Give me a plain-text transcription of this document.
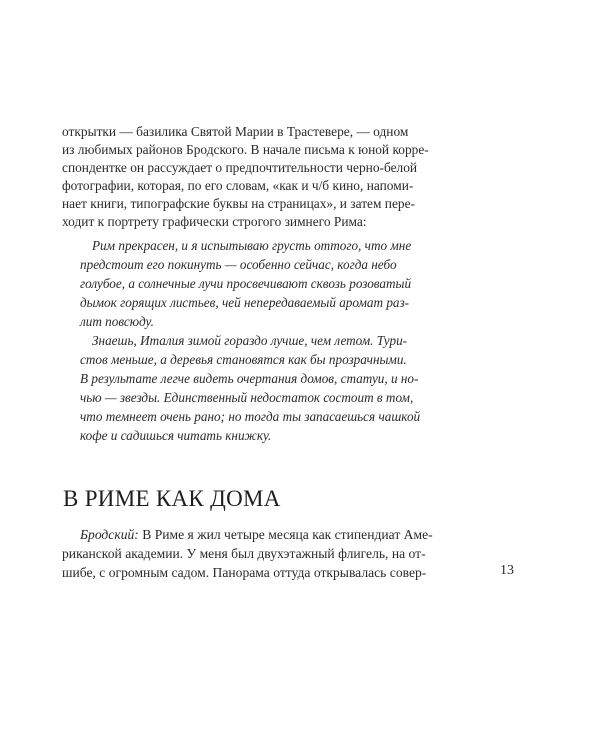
открытки — базилика Святой Марии в Трастевере, — одном
из любимых районов Бродского. В начале письма к юной корре-
спондентке он рассуждает о предпочтительности черно-белой
фотографии, которая, по его словам, «как и ч/б кино, напоми-
нает книги, типографские буквы на страницах», и затем пере-
ходит к портрету графически строгого зимнего Рима:
Рим прекрасен, и я испытываю грусть оттого, что мне
предстоит его покинуть — особенно сейчас, когда небо
голубое, а солнечные лучи просвечивают сквозь розоватый
дымок горящих листьев, чей непередаваемый аромат раз-
лит повсюду.
Знаешь, Италия зимой гораздо лучше, чем летом. Тури-
стов меньше, а деревья становятся как бы прозрачными.
В результате легче видеть очертания домов, статуи, и но-
чью — звезды. Единственный недостаток состоит в том,
что темнеет очень рано; но тогда ты запасаешься чашкой
кофе и садишься читать книжку.
В РИМЕ КАК ДОМА
Бродский: В Риме я жил четыре месяца как стипендиат Аме-
риканской академии. У меня был двухэтажный флигель, на от-
шибе, с огромным садом. Панорама оттуда открывалась совер-	13
